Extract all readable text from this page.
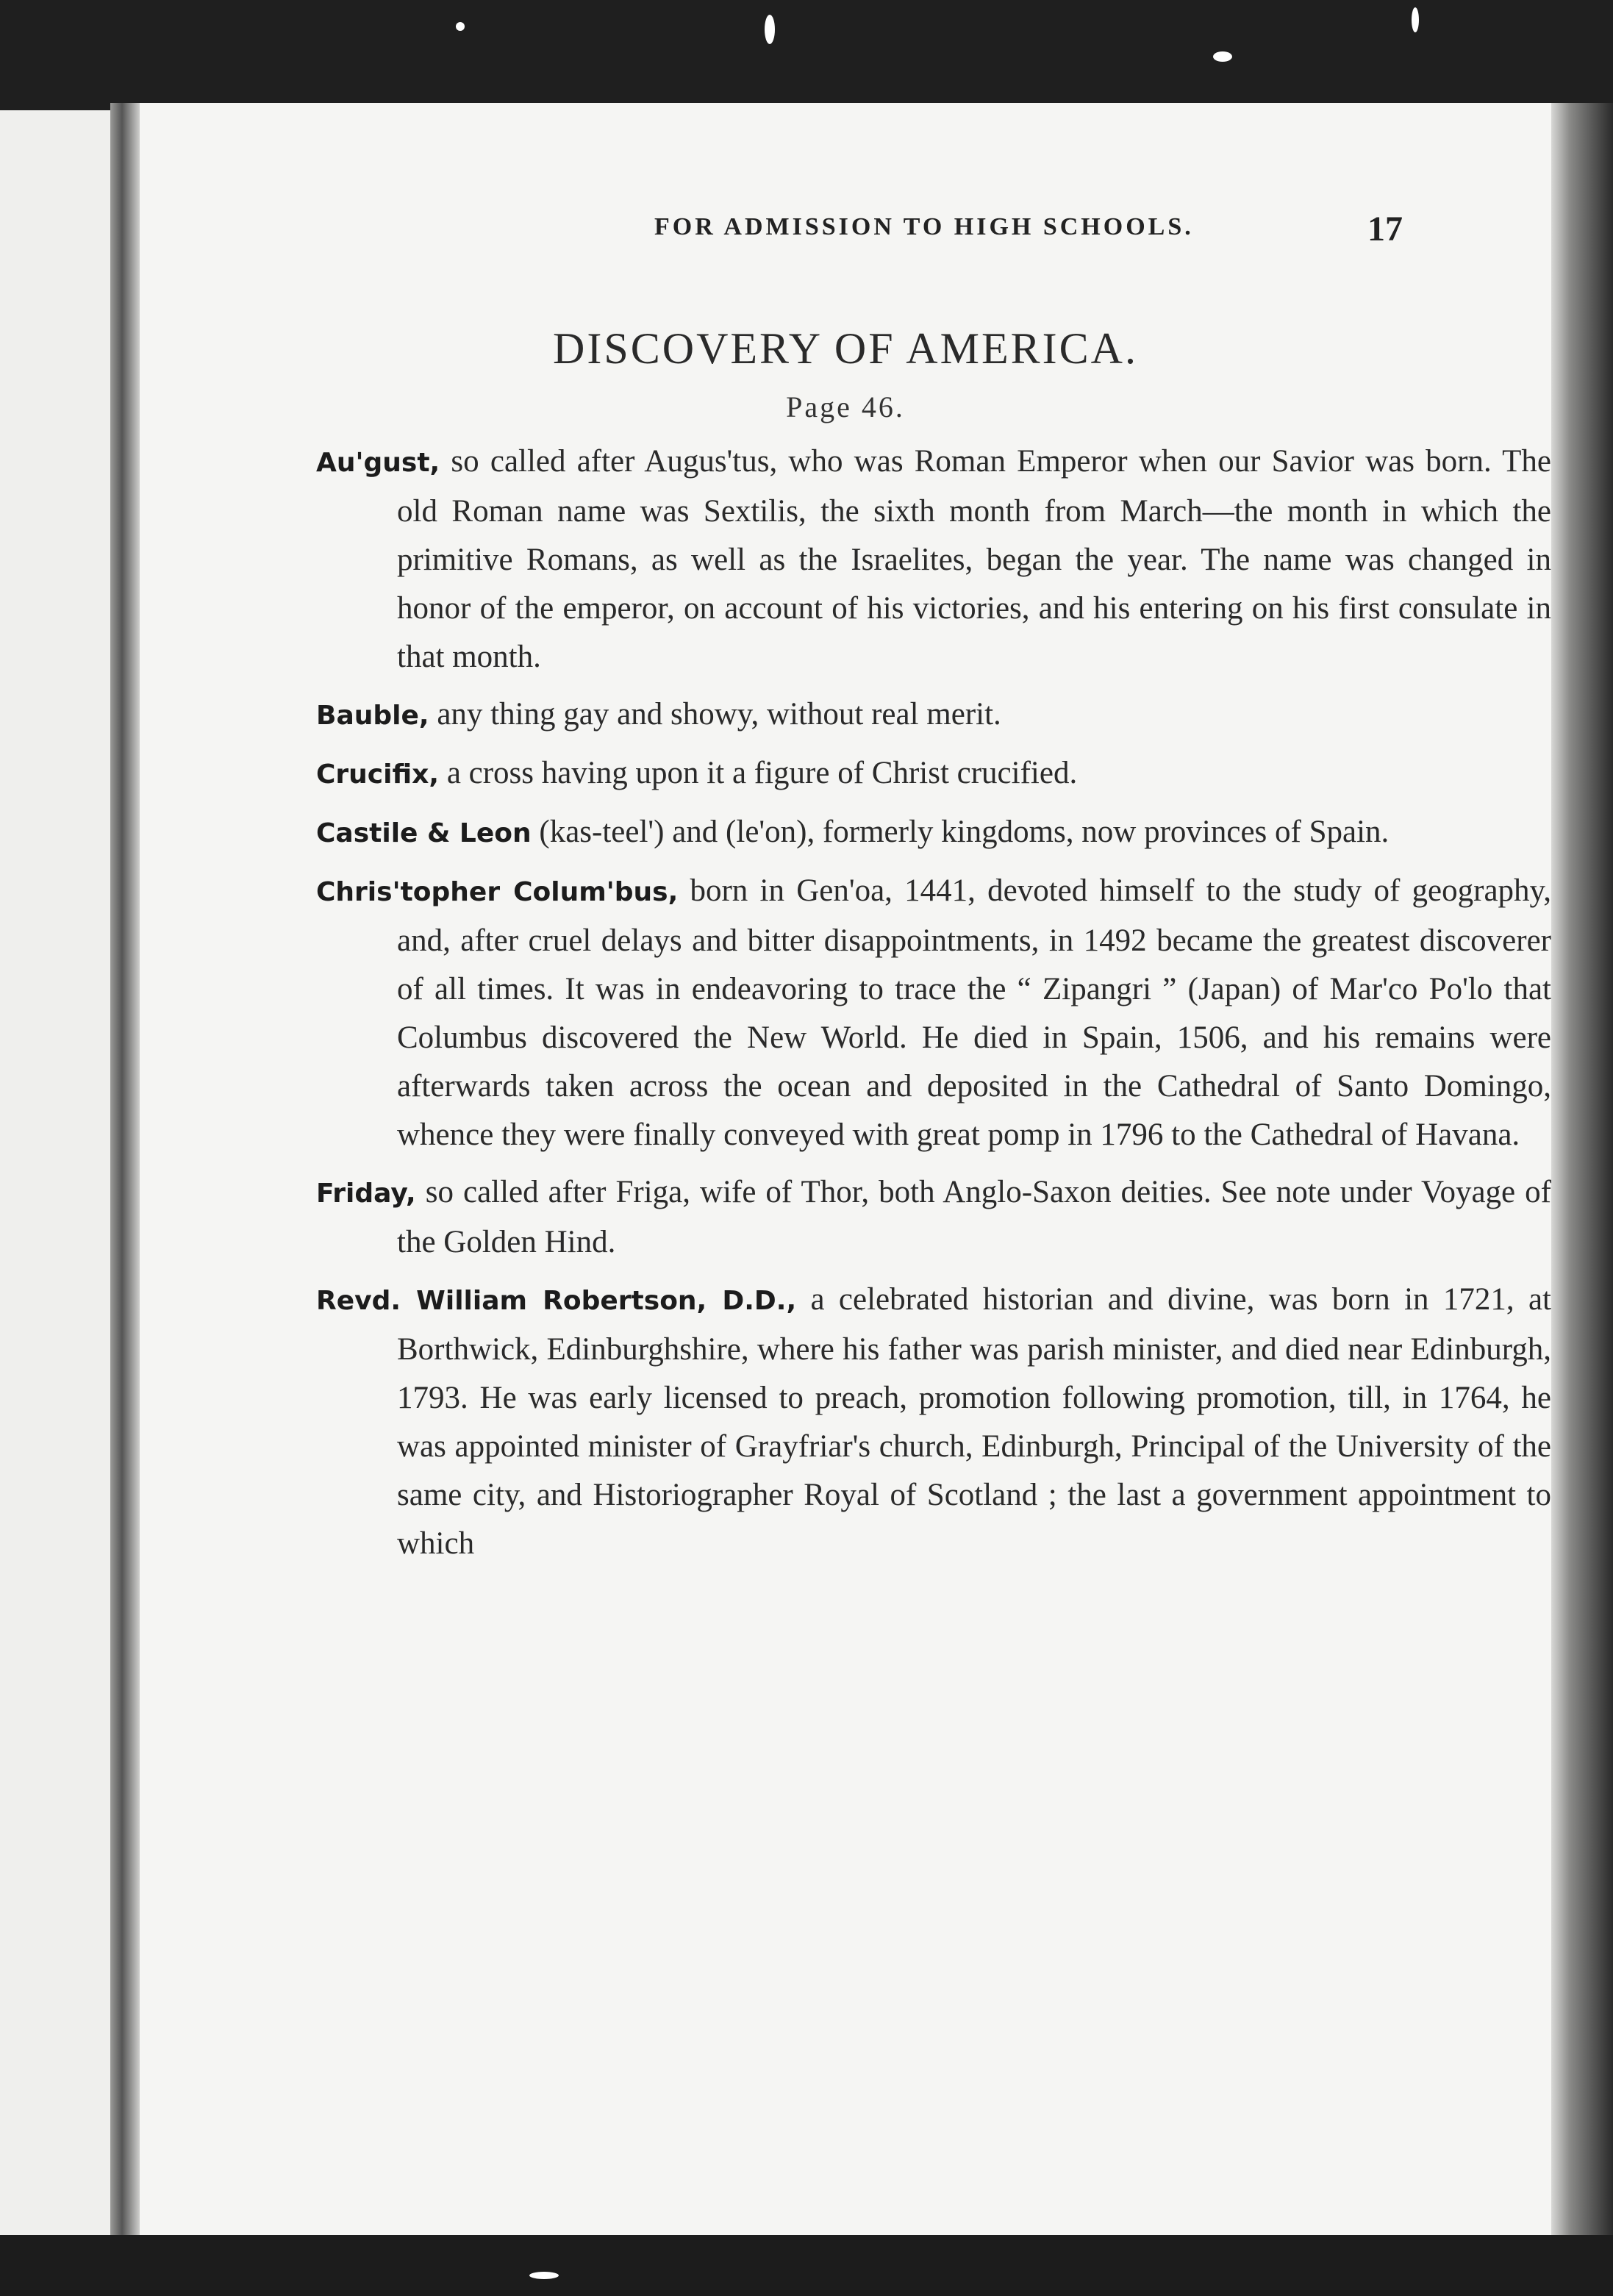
FOR ADMISSION TO HIGH SCHOOLS.	17
DISCOVERY OF AMERICA.
Page 46.

Au'gust, so called after Augus'tus, who was Roman Emperor when our Savior was born. The old Roman name was Sextilis, the sixth month from March—the month in which the primitive Romans, as well as the Israelites, began the year. The name was changed in honor of the emperor, on account of his victories, and his entering on his first consulate in that month.

Bauble, any thing gay and showy, without real merit.

Crucifix, a cross having upon it a figure of Christ crucified.

Castile & Leon (kas-teel') and (le'on), formerly kingdoms, now provinces of Spain.

Chris'topher Colum'bus, born in Gen'oa, 1441, devoted himself to the study of geography, and, after cruel delays and bitter disappointments, in 1492 became the greatest discoverer of all times. It was in endeavoring to trace the “ Zipangri ” (Japan) of Mar'co Po'lo that Columbus discovered the New World. He died in Spain, 1506, and his remains were afterwards taken across the ocean and deposited in the Cathedral of Santo Domingo, whence they were finally conveyed with great pomp in 1796 to the Cathedral of Havana.

Friday, so called after Friga, wife of Thor, both Anglo-Saxon deities. See note under Voyage of the Golden Hind.

Revd. William Robertson, D.D., a celebrated historian and divine, was born in 1721, at Borthwick, Edinburghshire, where his father was parish minister, and died near Edinburgh, 1793. He was early licensed to preach, promotion following promotion, till, in 1764, he was appointed minister of Grayfriar's church, Edinburgh, Principal of the University of the same city, and Historiographer Royal of Scotland ; the last a government appointment to which
